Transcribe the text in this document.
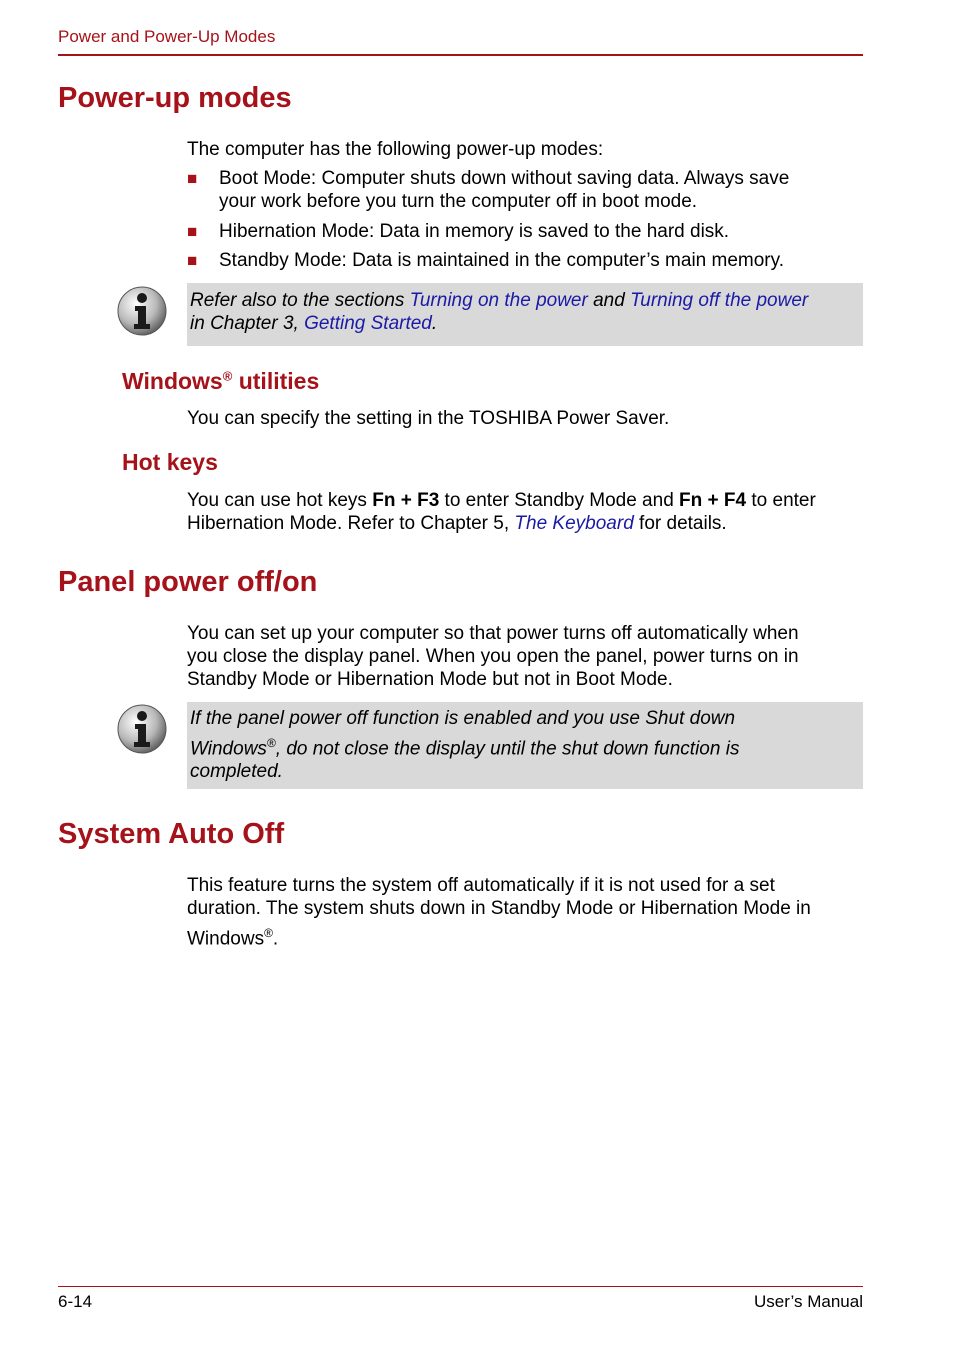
Power and Power-Up Modes
Power-up modes
The computer has the following power-up modes:
■ Boot Mode: Computer shuts down without saving data. Always save
your work before you turn the computer off in boot mode.
■ Hibernation Mode: Data in memory is saved to the hard disk.
■ Standby Mode: Data is maintained in the computer’s main memory.
Refer also to the sections Turning on the power and Turning off the power
in Chapter 3, Getting Started.
Windows® utilities
You can specify the setting in the TOSHIBA Power Saver.
Hot keys
You can use hot keys Fn + F3 to enter Standby Mode and Fn + F4 to enter
Hibernation Mode. Refer to Chapter 5, The Keyboard for details.
Panel power off/on
You can set up your computer so that power turns off automatically when
you close the display panel. When you open the panel, power turns on in
Standby Mode or Hibernation Mode but not in Boot Mode.
If the panel power off function is enabled and you use Shut down
Windows®, do not close the display until the shut down function is
completed.
System Auto Off
This feature turns the system off automatically if it is not used for a set
duration. The system shuts down in Standby Mode or Hibernation Mode in
Windows®.
6-14	User’s Manual
